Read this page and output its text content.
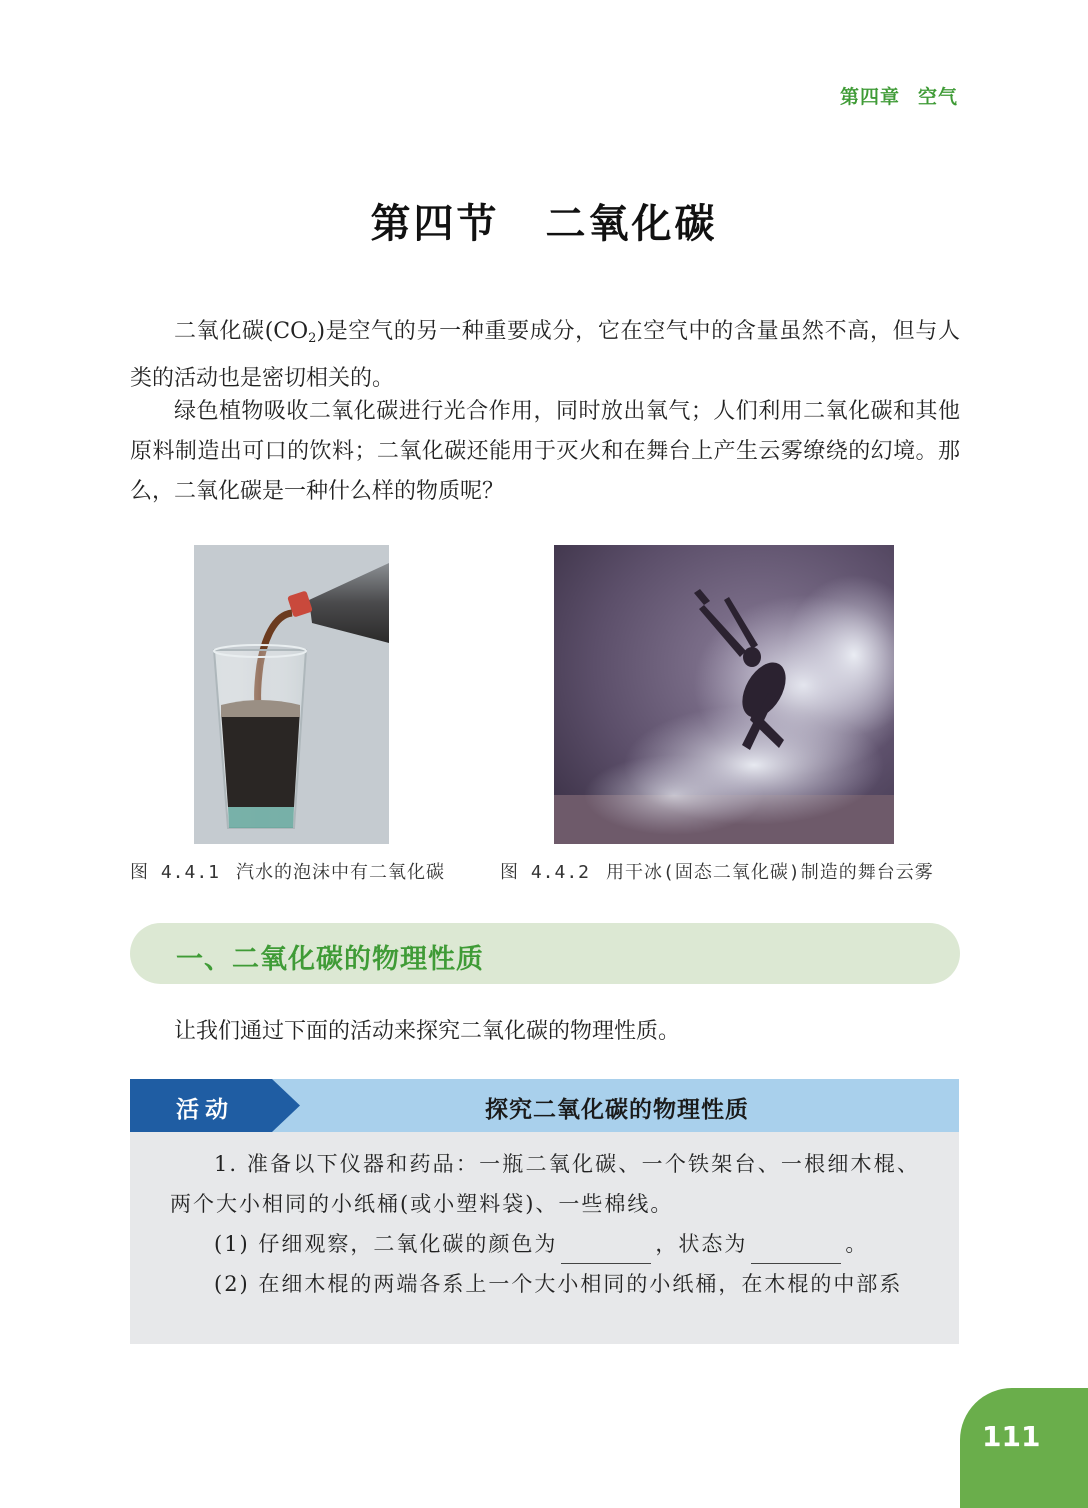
第四章 空气
第四节 二氧化碳

二氧化碳$(CO_2)$是空气的另一种重要成分，它在空气中的含量虽然不高，但与人类的活动也是密切相关的。

绿色植物吸收二氧化碳进行光合作用，同时放出氧气；人们利用二氧化碳和其他原料制造出可口的饮料；二氧化碳还能用于灭火和在舞台上产生云雾缭绕的幻境。那么，二氧化碳是一种什么样的物质呢？

图 4.4.1 汽水的泡沫中有二氧化碳	图 4.4.2 用干冰(固态二氧化碳)制造的舞台云雾
一、二氧化碳的物理性质

让我们通过下面的活动来探究二氧化碳的物理性质。

活动	探究二氧化碳的物理性质

1. 准备以下仪器和药品：一瓶二氧化碳、一个铁架台、一根细木棍、两个大小相同的小纸桶(或小塑料袋)、一些棉线。

(1) 仔细观察，二氧化碳的颜色为	，状态为	。

(2) 在细木棍的两端各系上一个大小相同的小纸桶，在木棍的中部系

111
